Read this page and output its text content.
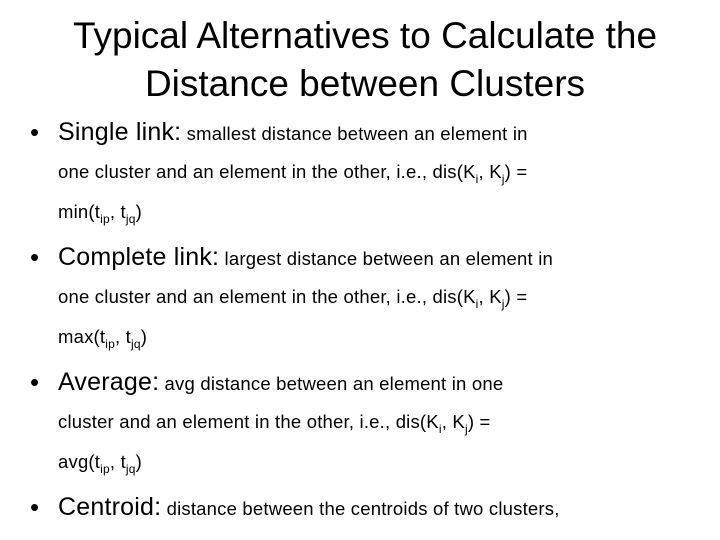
Typical Alternatives to Calculate the
Distance between Clusters
• Single link: smallest distance between an element in
one cluster and an element in the other, i.e., $dis(K_i$, $K_j$) =
$\min(t_{ip}$, $t_{jq}$)
• Complete link: largest distance between an element in
one cluster and an element in the other, i.e., $dis(K_i$, $K_j$) =
$\max(t_{ip}$, $t_{jq}$)
• Average: avg distance between an element in one
cluster and an element in the other, i.e., $dis(K_i$, $K_j$) =
$avg(t_{ip}$, $t_{jq}$)
• Centroid: distance between the centroids of two clusters,
